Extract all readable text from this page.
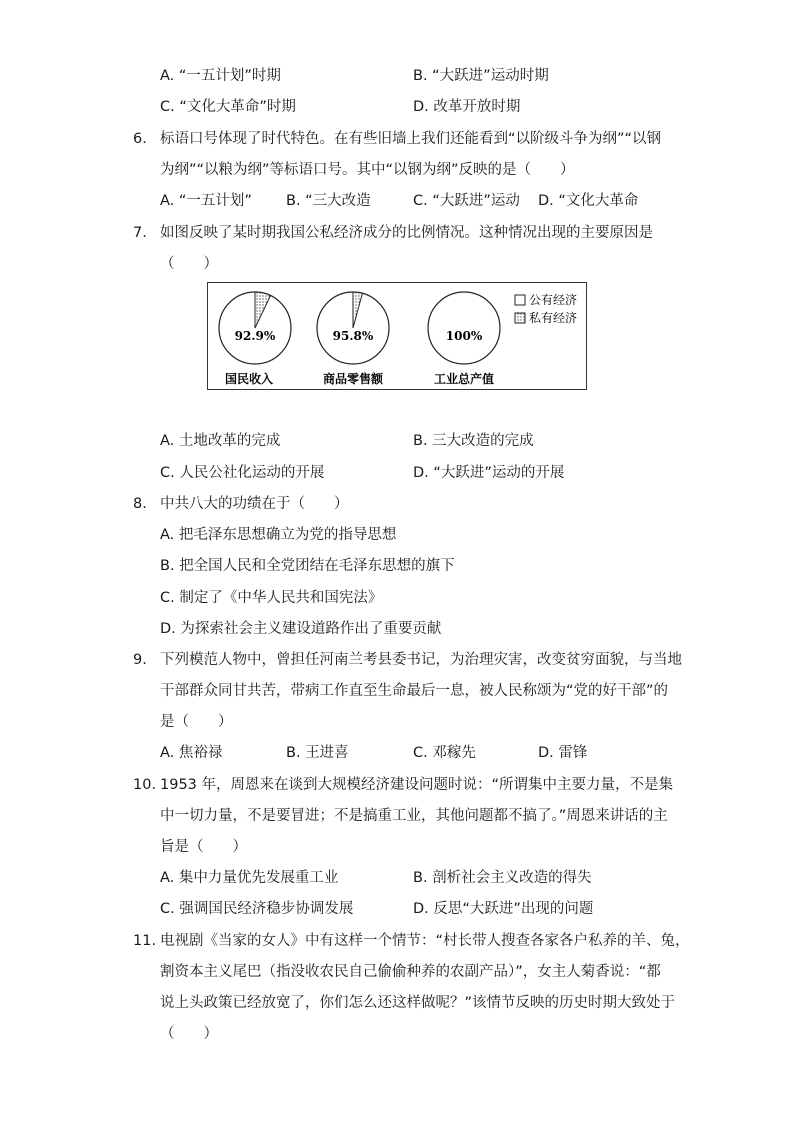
A. “一五计划”时期	B. “大跃进”运动时期
C. “文化大革命”时期	D. 改革开放时期
6. 标语口号体现了时代特色。在有些旧墙上我们还能看到“以阶级斗争为纲”“以钢
为纲”“以粮为纲”等标语口号。其中“以钢为纲”反映的是（　　）
A. “一五计划” B. “三大改造	C. “大跃进”运动 D. “文化大革命
7. 如图反映了某时期我国公私经济成分的比例情况。这种情况出现的主要原因是
（　　）
公有经济
私有经济
92.9%
国民收入
95.8%
商品零售额
100%
工业总产值
A. 土地改革的完成	B. 三大改造的完成
C. 人民公社化运动的开展	D. “大跃进”运动的开展
8. 中共八大的功绩在于（　　）
A. 把毛泽东思想确立为党的指导思想
B. 把全国人民和全党团结在毛泽东思想的旗下
C. 制定了《中华人民共和国宪法》
D. 为探索社会主义建设道路作出了重要贡献
9. 下列模范人物中，曾担任河南兰考县委书记，为治理灾害，改变贫穷面貌，与当地
干部群众同甘共苦，带病工作直至生命最后一息，被人民称颂为“党的好干部”的
是（　　）
A. 焦裕禄	B. 王进喜	C. 邓稼先	D. 雷锋
10. 1953 年，周恩来在谈到大规模经济建设问题时说：“所谓集中主要力量，不是集
中一切力量，不是要冒进；不是搞重工业，其他问题都不搞了。”周恩来讲话的主
旨是（　　）
A. 集中力量优先发展重工业	B. 剖析社会主义改造的得失
C. 强调国民经济稳步协调发展	D. 反思“大跃进”出现的问题
11. 电视剧《当家的女人》中有这样一个情节：“村长带人搜查各家各户私养的羊、兔，
割资本主义尾巴（指没收农民自己偷偷种养的农副产品）”，女主人菊香说：“都
说上头政策已经放宽了，你们怎么还这样做呢？”该情节反映的历史时期大致处于
（　　）
